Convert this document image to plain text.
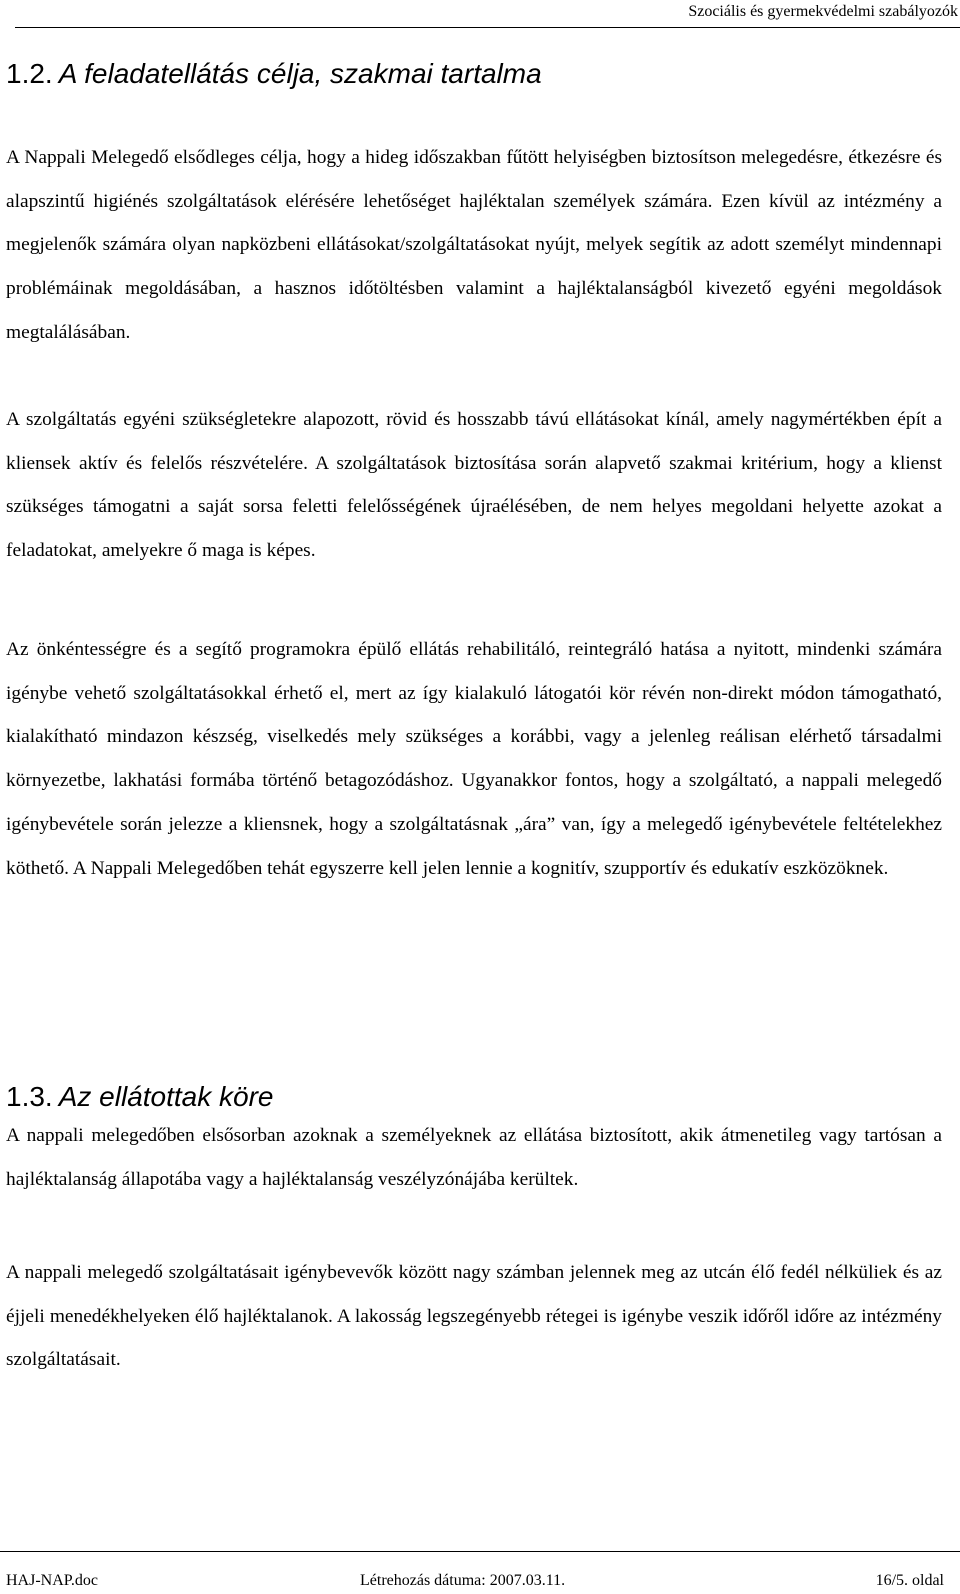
Szociális és gyermekvédelmi szabályozók
1.2. A feladatellátás célja, szakmai tartalma

A Nappali Melegedő elsődleges célja, hogy a hideg időszakban fűtött helyiségben biztosítson melegedésre, étkezésre és alapszintű higiénés szolgáltatások elérésére lehetőséget hajléktalan személyek számára. Ezen kívül az intézmény a megjelenők számára olyan napközbeni ellátásokat/szolgáltatásokat nyújt, melyek segítik az adott személyt mindennapi problémáinak megoldásában, a hasznos időtöltésben valamint a hajléktalanságból kivezető egyéni megoldások megtalálásában.

A szolgáltatás egyéni szükségletekre alapozott, rövid és hosszabb távú ellátásokat kínál, amely nagymértékben épít a kliensek aktív és felelős részvételére. A szolgáltatások biztosítása során alapvető szakmai kritérium, hogy a klienst szükséges támogatni a saját sorsa feletti felelősségének újraélésében, de nem helyes megoldani helyette azokat a feladatokat, amelyekre ő maga is képes.

Az önkéntességre és a segítő programokra épülő ellátás rehabilitáló, reintegráló hatása a nyitott, mindenki számára igénybe vehető szolgáltatásokkal érhető el, mert az így kialakuló látogatói kör révén non-direkt módon támogatható, kialakítható mindazon készség, viselkedés mely szükséges a korábbi, vagy a jelenleg reálisan elérhető társadalmi környezetbe, lakhatási formába történő betagozódáshoz. Ugyanakkor fontos, hogy a szolgáltató, a nappali melegedő igénybevétele során jelezze a kliensnek, hogy a szolgáltatásnak „ára” van, így a melegedő igénybevétele feltételekhez köthető. A Nappali Melegedőben tehát egyszerre kell jelen lennie a kognitív, szupportív és edukatív eszközöknek.

1.3. Az ellátottak köre

A nappali melegedőben elsősorban azoknak a személyeknek az ellátása biztosított, akik átmenetileg vagy tartósan a hajléktalanság állapotába vagy a hajléktalanság veszélyzónájába kerültek.

A nappali melegedő szolgáltatásait igénybevevők között nagy számban jelennek meg az utcán élő fedél nélküliek és az éjjeli menedékhelyeken élő hajléktalanok. A lakosság legszegényebb rétegei is igénybe veszik időről időre az intézmény szolgáltatásait.

HAJ-NAP.doc	Létrehozás dátuma: 2007.03.11.	16/5. oldal
